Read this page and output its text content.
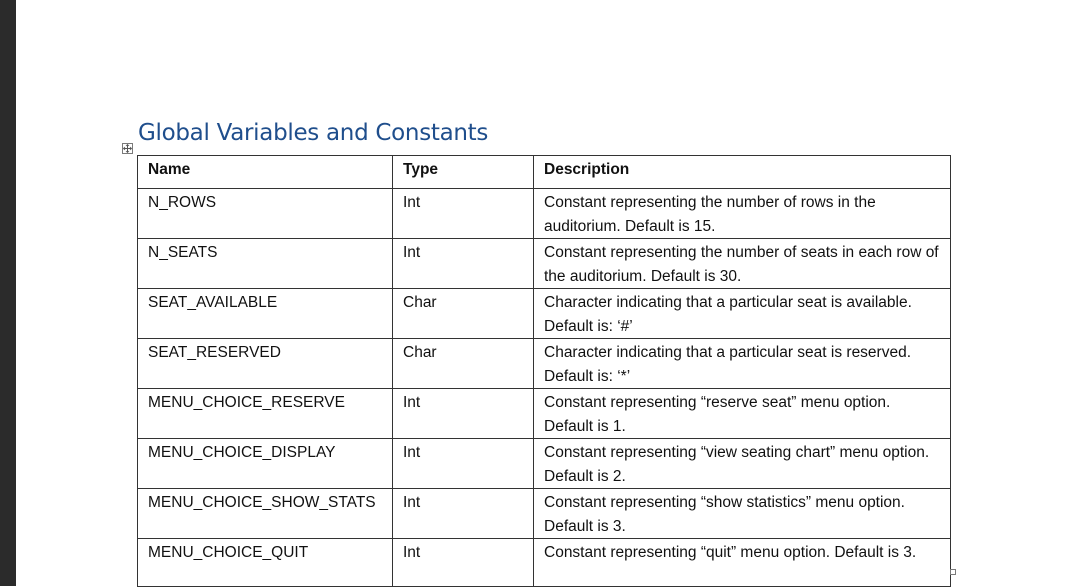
Global Variables and Constants
Name	Type	Description
N_ROWS	Int	Constant representing the number of rows in the auditorium. Default is 15.
N_SEATS	Int	Constant representing the number of seats in each row of the auditorium. Default is 30.
SEAT_AVAILABLE	Char	Character indicating that a particular seat is available. Default is: ‘#’
SEAT_RESERVED	Char	Character indicating that a particular seat is reserved. Default is: ‘*’
MENU_CHOICE_RESERVE	Int	Constant representing “reserve seat” menu option. Default is 1.
MENU_CHOICE_DISPLAY	Int	Constant representing “view seating chart” menu option. Default is 2.
MENU_CHOICE_SHOW_STATS	Int	Constant representing “show statistics” menu option. Default is 3.
MENU_CHOICE_QUIT	Int	Constant representing “quit” menu option. Default is 3.
